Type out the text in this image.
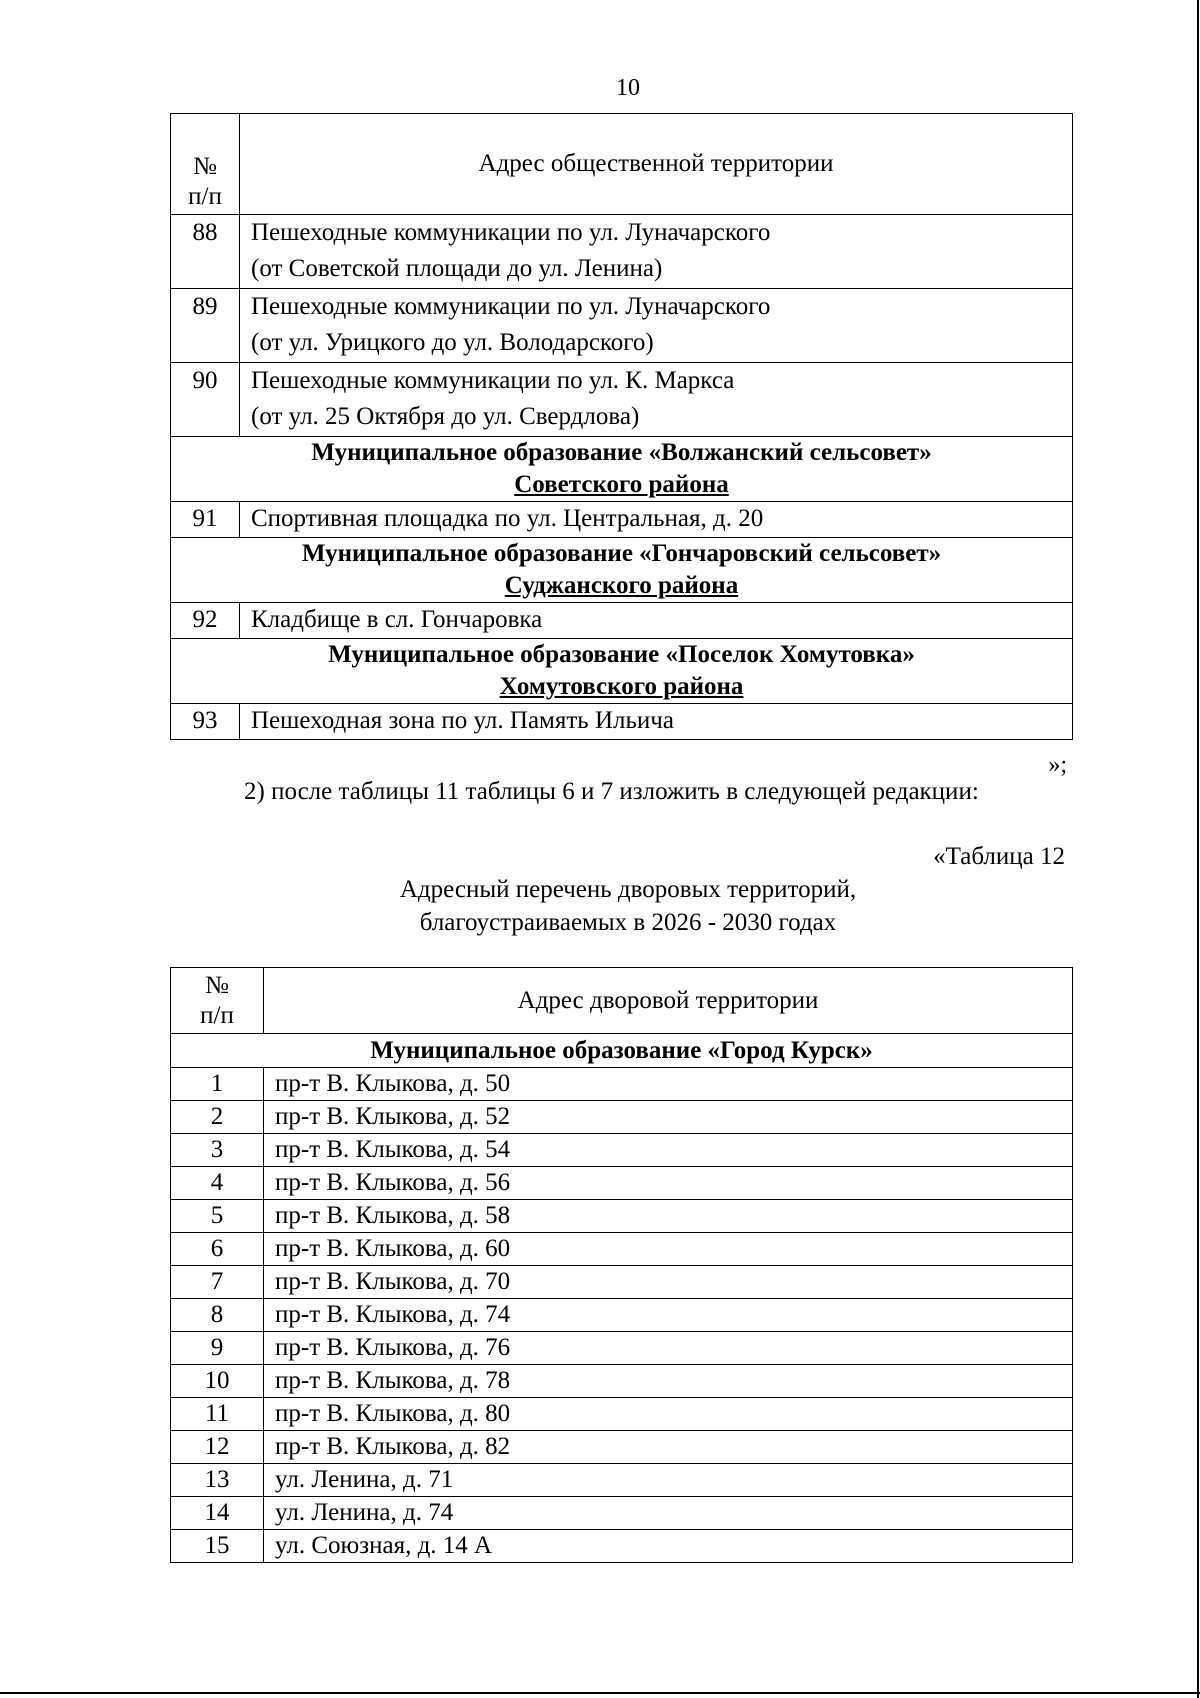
10
№
п/п	Адрес общественной территории
88	Пешеходные коммуникации по ул. Луначарского
(от Советской площади до ул. Ленина)
89	Пешеходные коммуникации по ул. Луначарского
(от ул. Урицкого до ул. Володарского)
90	Пешеходные коммуникации по ул. К. Маркса
(от ул. 25 Октября до ул. Свердлова)

Муниципальное образование «Волжанский сельсовет»
Советского района	

91	Спортивная площадка по ул. Центральная, д. 20

Муниципальное образование «Гончаровский сельсовет»
Суджанского района	

92	Кладбище в сл. Гончаровка

Муниципальное образование «Поселок Хомутовка»
Хомутовского района	

93	Пешеходная зона по ул. Память Ильича
»;
2) после таблицы 11 таблицы 6 и 7 изложить в следующей редакции:
«Таблица 12
Адресный перечень дворовых территорий,
благоустраиваемых в 2026 - 2030 годах
№
п/п	Адрес дворовой территории
Муниципальное образование «Город Курск»	
1	пр-т В. Клыкова, д. 50
2	пр-т В. Клыкова, д. 52
3	пр-т В. Клыкова, д. 54
4	пр-т В. Клыкова, д. 56
5	пр-т В. Клыкова, д. 58
6	пр-т В. Клыкова, д. 60
7	пр-т В. Клыкова, д. 70
8	пр-т В. Клыкова, д. 74
9	пр-т В. Клыкова, д. 76
10	пр-т В. Клыкова, д. 78
11	пр-т В. Клыкова, д. 80
12	пр-т В. Клыкова, д. 82
13	ул. Ленина, д. 71
14	ул. Ленина, д. 74
15	ул. Союзная, д. 14 А
